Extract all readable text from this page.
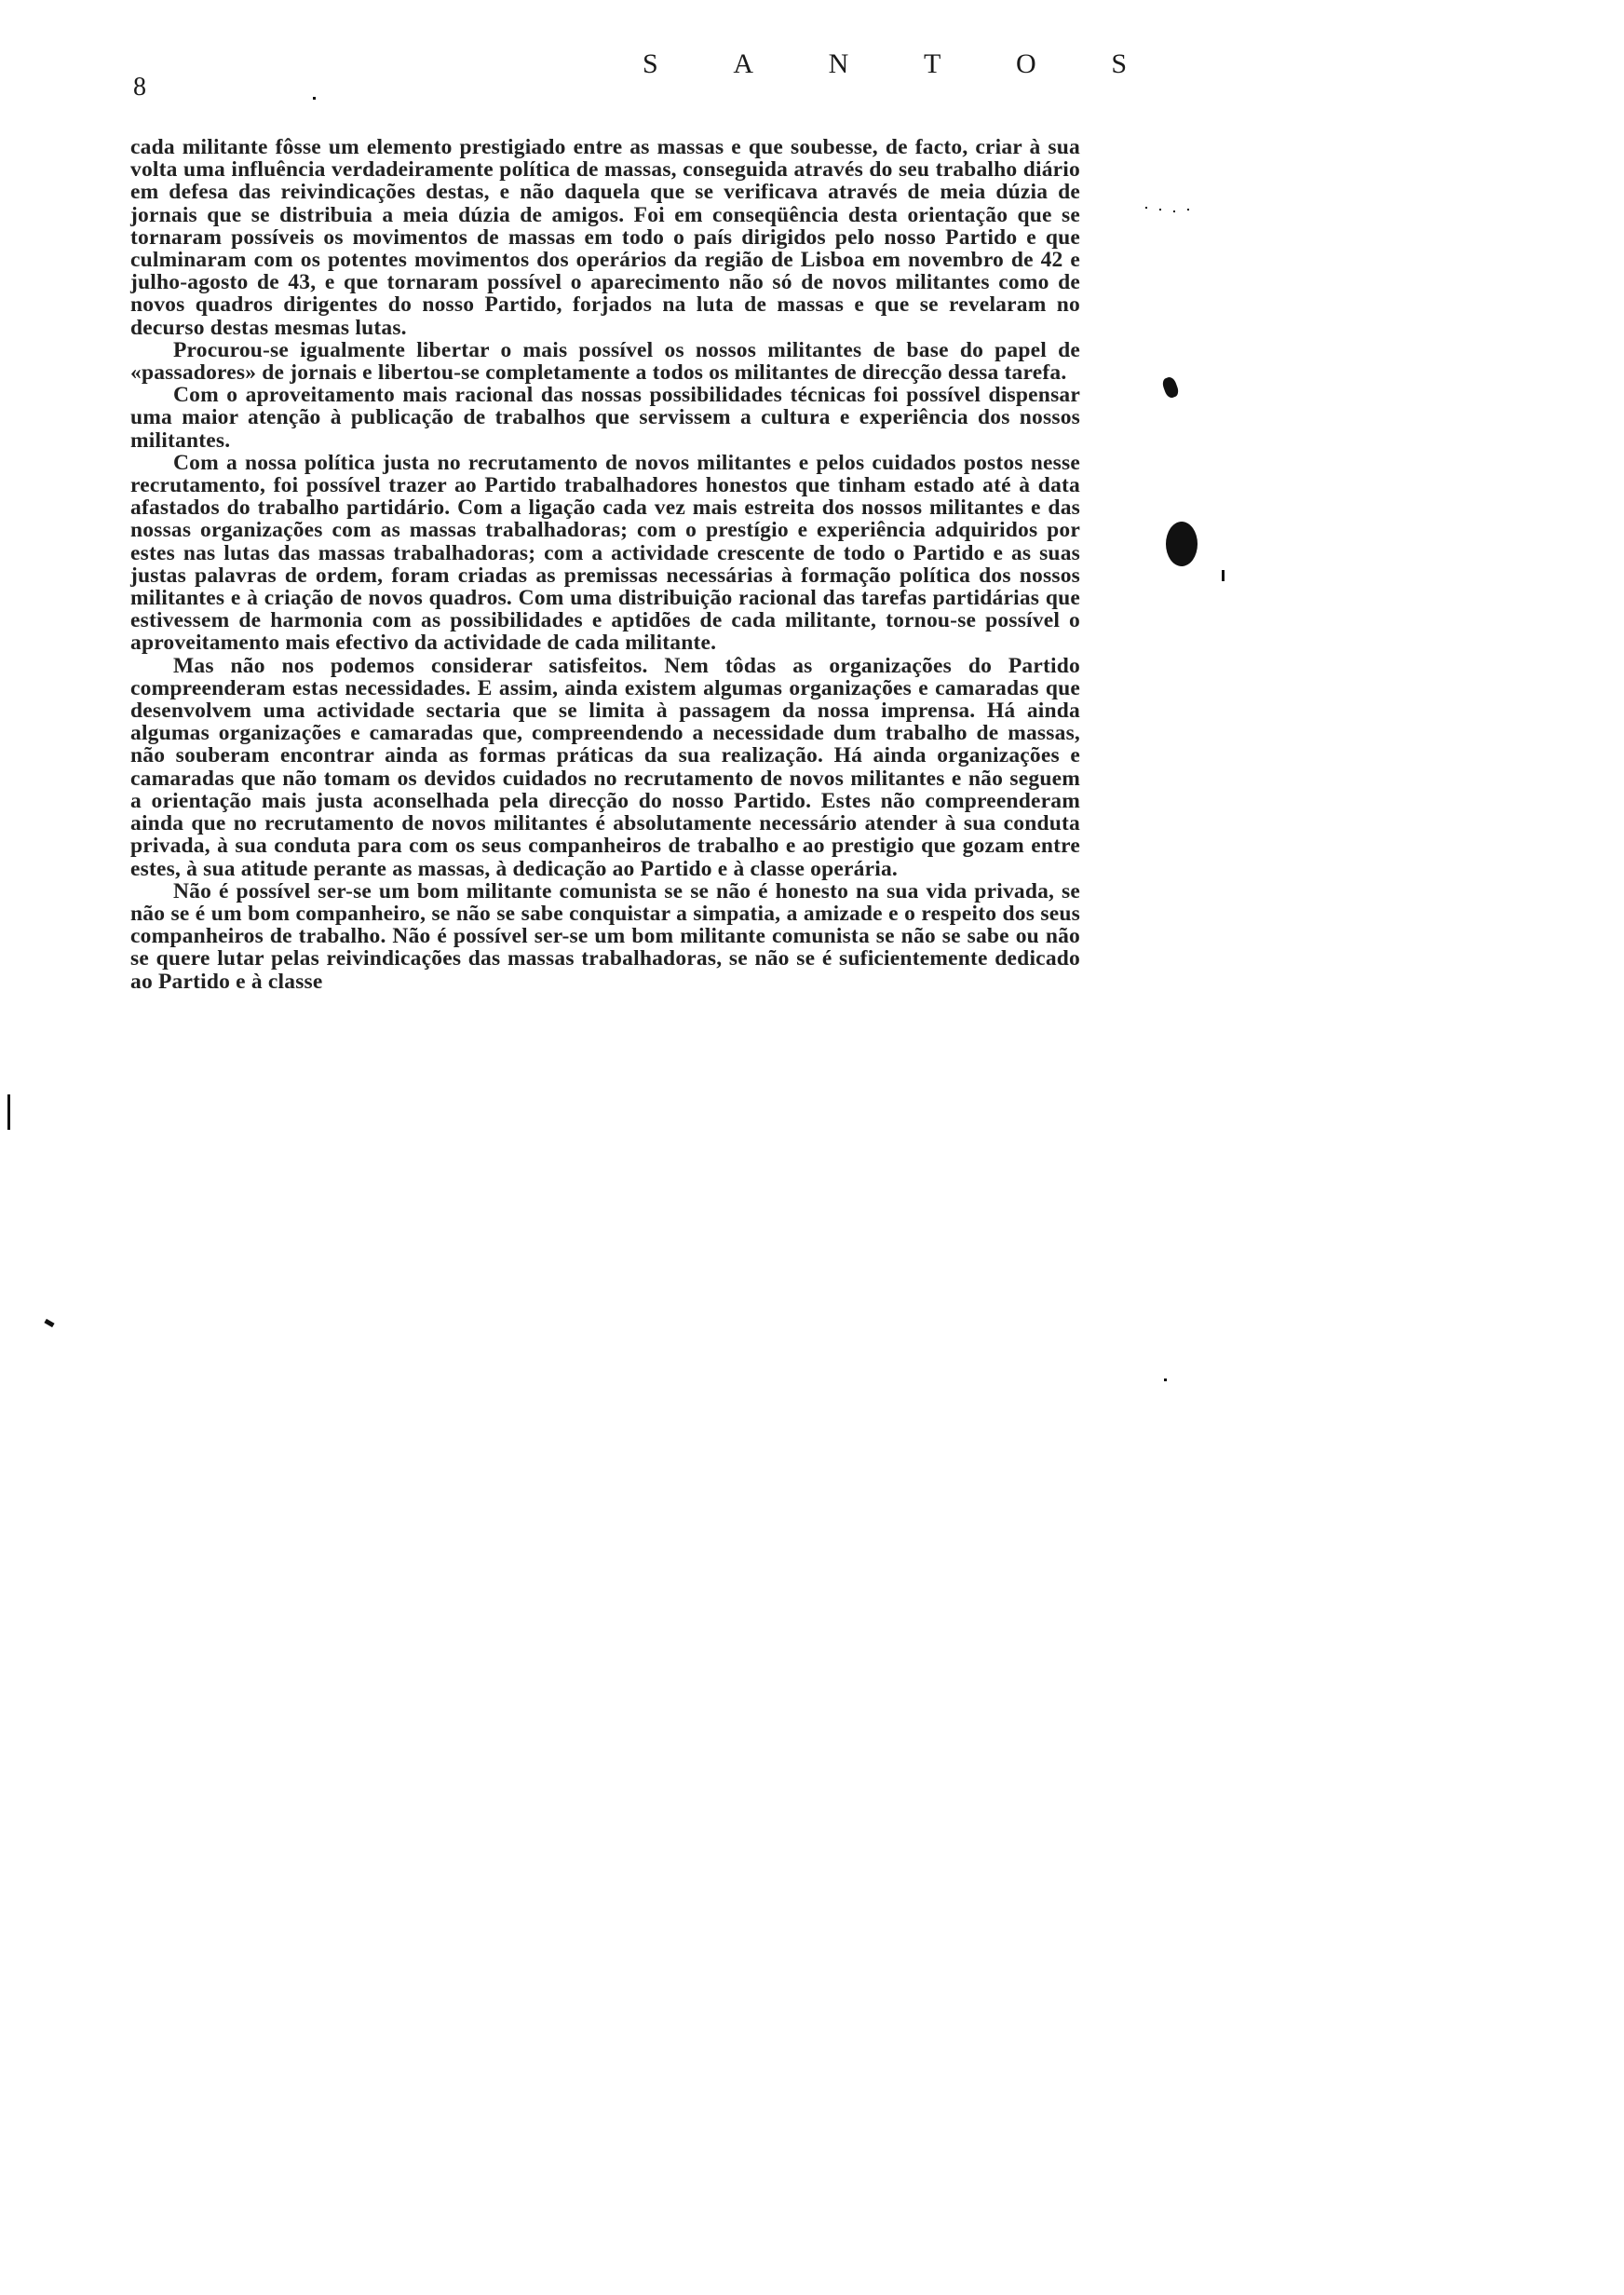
8
S	A	N	T	O	S

cada militante fôsse um elemento prestigiado entre as massas e que soubesse, de facto, criar à sua volta uma influência verdadeiramente política de massas, conseguida através do seu trabalho diário em defesa das reivindicações destas, e não daquela que se verificava através de meia dúzia de jornais que se distribuia a meia dúzia de amigos. Foi em conseqüência desta orientação que se tornaram possíveis os movimentos de massas em todo o país dirigidos pelo nosso Partido e que culminaram com os potentes movimentos dos operários da região de Lisboa em novembro de 42 e julho-agosto de 43, e que tornaram possível o aparecimento não só de novos militantes como de novos quadros dirigentes do nosso Partido, forjados na luta de massas e que se revelaram no decurso destas mesmas lutas.

Procurou-se igualmente libertar o mais possível os nossos militantes de base do papel de «passadores» de jornais e libertou-se completamente a todos os militantes de direcção dessa tarefa.

Com o aproveitamento mais racional das nossas possibilidades técnicas foi possível dispensar uma maior atenção à publicação de trabalhos que servissem a cultura e experiência dos nossos militantes.

Com a nossa política justa no recrutamento de novos militantes e pelos cuidados postos nesse recrutamento, foi possível trazer ao Partido trabalhadores honestos que tinham estado até à data afastados do trabalho partidário. Com a ligação cada vez mais estreita dos nossos militantes e das nossas organizações com as massas trabalhadoras; com o prestígio e experiência adquiridos por estes nas lutas das massas trabalhadoras; com a actividade crescente de todo o Partido e as suas justas palavras de ordem, foram criadas as premissas necessárias à formação política dos nossos militantes e à criação de novos quadros. Com uma distribuição racional das tarefas partidárias que estivessem de harmonia com as possibilidades e aptidões de cada militante, tornou-se possível o aproveitamento mais efectivo da actividade de cada militante.

Mas não nos podemos considerar satisfeitos. Nem tôdas as organizações do Partido compreenderam estas necessidades. E assim, ainda existem algumas organizações e camaradas que desenvolvem uma actividade sectaria que se limita à passagem da nossa imprensa. Há ainda algumas organizações e camaradas que, compreendendo a necessidade dum trabalho de massas, não souberam encontrar ainda as formas práticas da sua realização. Há ainda organizações e camaradas que não tomam os devidos cuidados no recrutamento de novos militantes e não seguem a orientação mais justa aconselhada pela direcção do nosso Partido. Estes não compreenderam ainda que no recrutamento de novos militantes é absolutamente necessário atender à sua conduta privada, à sua conduta para com os seus companheiros de trabalho e ao prestigio que gozam entre estes, à sua atitude perante as massas, à dedicação ao Partido e à classe operária.

Não é possível ser-se um bom militante comunista se se não é honesto na sua vida privada, se não se é um bom companheiro, se não se sabe conquistar a simpatia, a amizade e o respeito dos seus companheiros de trabalho. Não é possível ser-se um bom militante comunista se não se sabe ou não se quere lutar pelas reivindicações das massas trabalhadoras, se não se é suficientemente dedicado ao Partido e à classe
